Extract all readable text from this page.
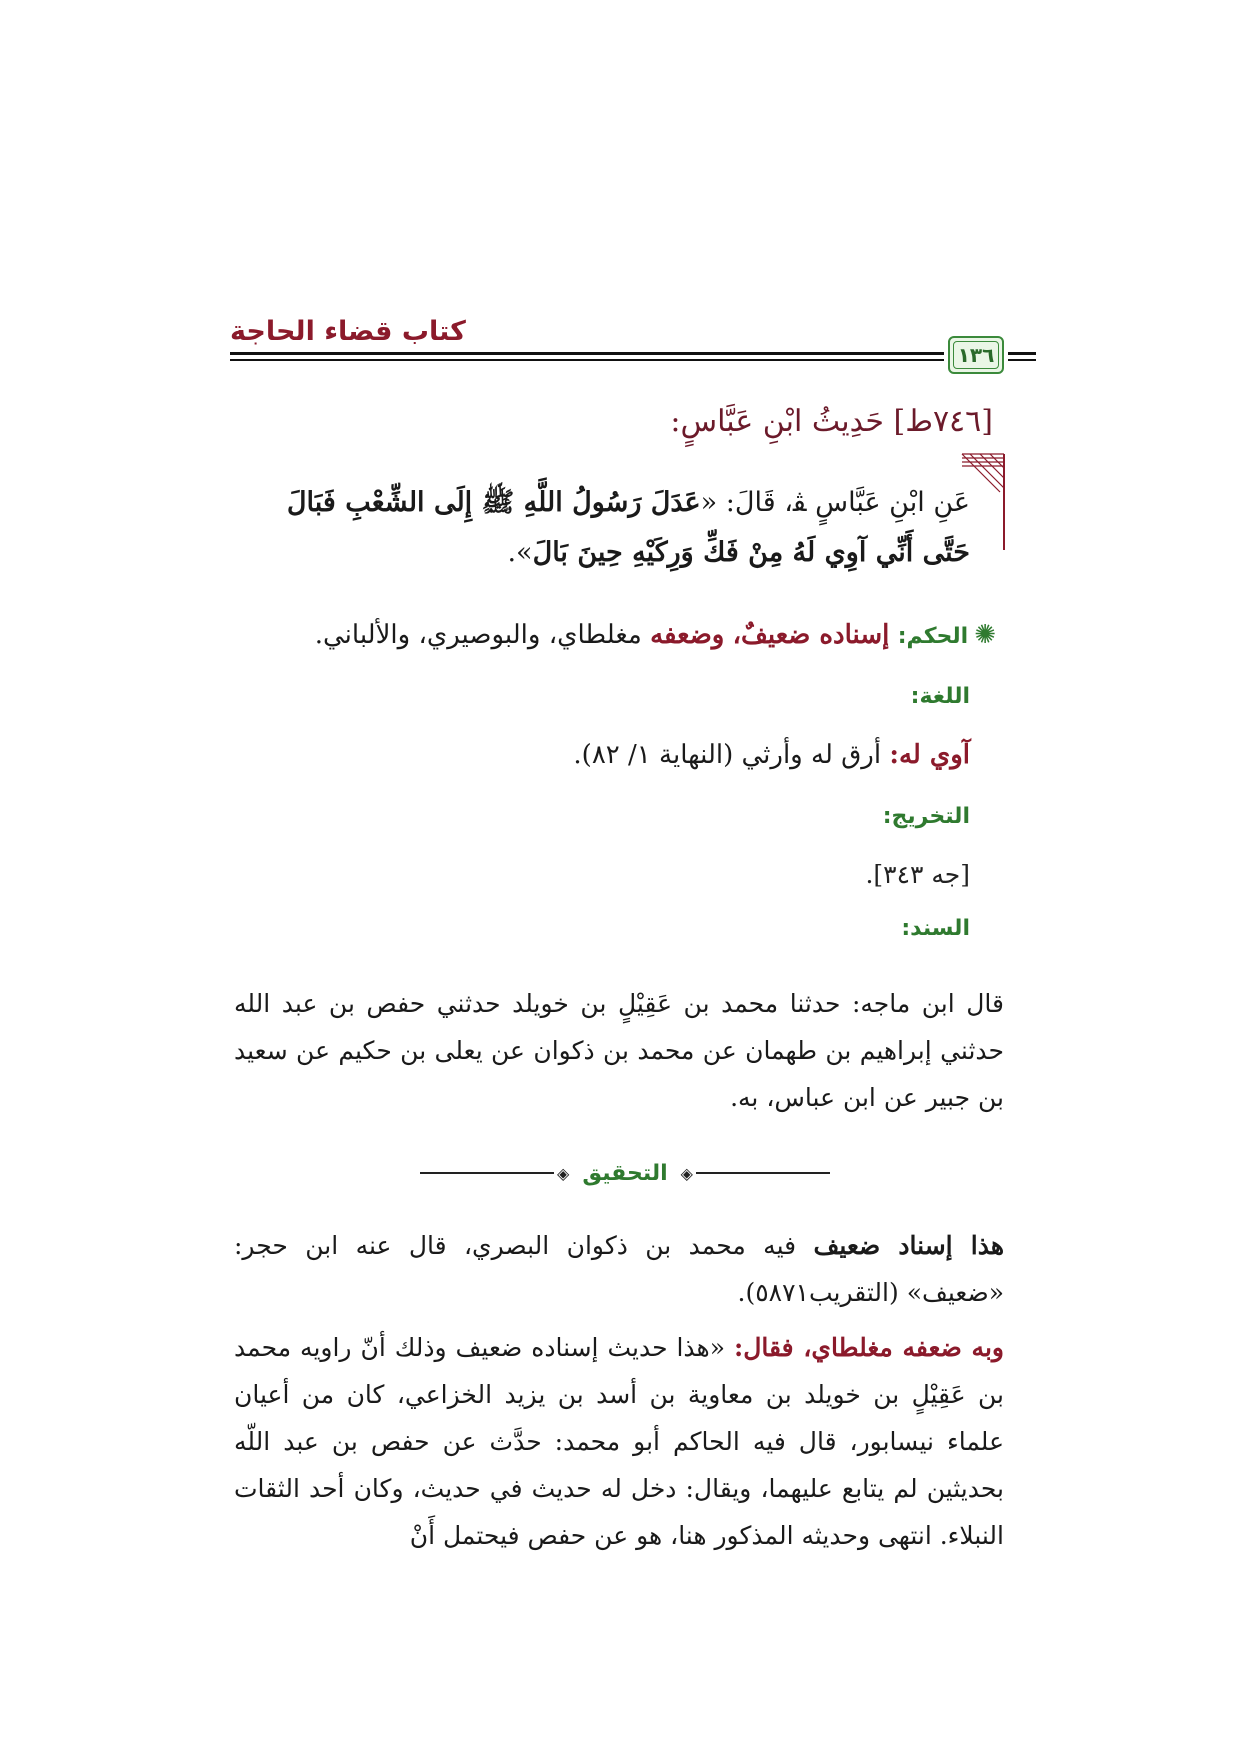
كتاب قضاء الحاجة
١٣٦
[٧٤٦ط] حَدِيثُ ابْنِ عَبَّاسٍ:
عَنِ ابْنِ عَبَّاسٍ ﭭ، قَالَ: «عَدَلَ رَسُولُ اللَّهِ ﷺ إِلَى الشِّعْبِ فَبَالَ حَتَّى أَنِّي آوِي لَهُ مِنْ فَكِّ وَرِكَيْهِ حِينَ بَالَ».
✺الحكم: إسناده ضعيفٌ، وضعفه مغلطاي، والبوصيري، والألباني.
اللغة:
آوي له: أرق له وأرثي (النهاية ١/ ٨٢).
التخريج:
[جه ٣٤٣].
السند:
قال ابن ماجه: حدثنا محمد بن عَقِيْلٍ بن خويلد حدثني حفص بن عبد الله حدثني إبراهيم بن طهمان عن محمد بن ذكوان عن يعلى بن حكيم عن سعيد بن جبير عن ابن عباس، به.
◈ التحقيق ◈
هذا إسناد ضعيف فيه محمد بن ذكوان البصري، قال عنه ابن حجر: «ضعيف» (التقريب٥٨٧١).
وبه ضعفه مغلطاي، فقال: «هذا حديث إسناده ضعيف وذلك أنّ راويه محمد بن عَقِيْلٍ بن خويلد بن معاوية بن أسد بن يزيد الخزاعي، كان من أعيان علماء نيسابور، قال فيه الحاكم أبو محمد: حدَّث عن حفص بن عبد اللّه بحديثين لم يتابع عليهما، ويقال: دخل له حديث في حديث، وكان أحد الثقات النبلاء. انتهى وحديثه المذكور هنا، هو عن حفص فيحتمل أَنْ
